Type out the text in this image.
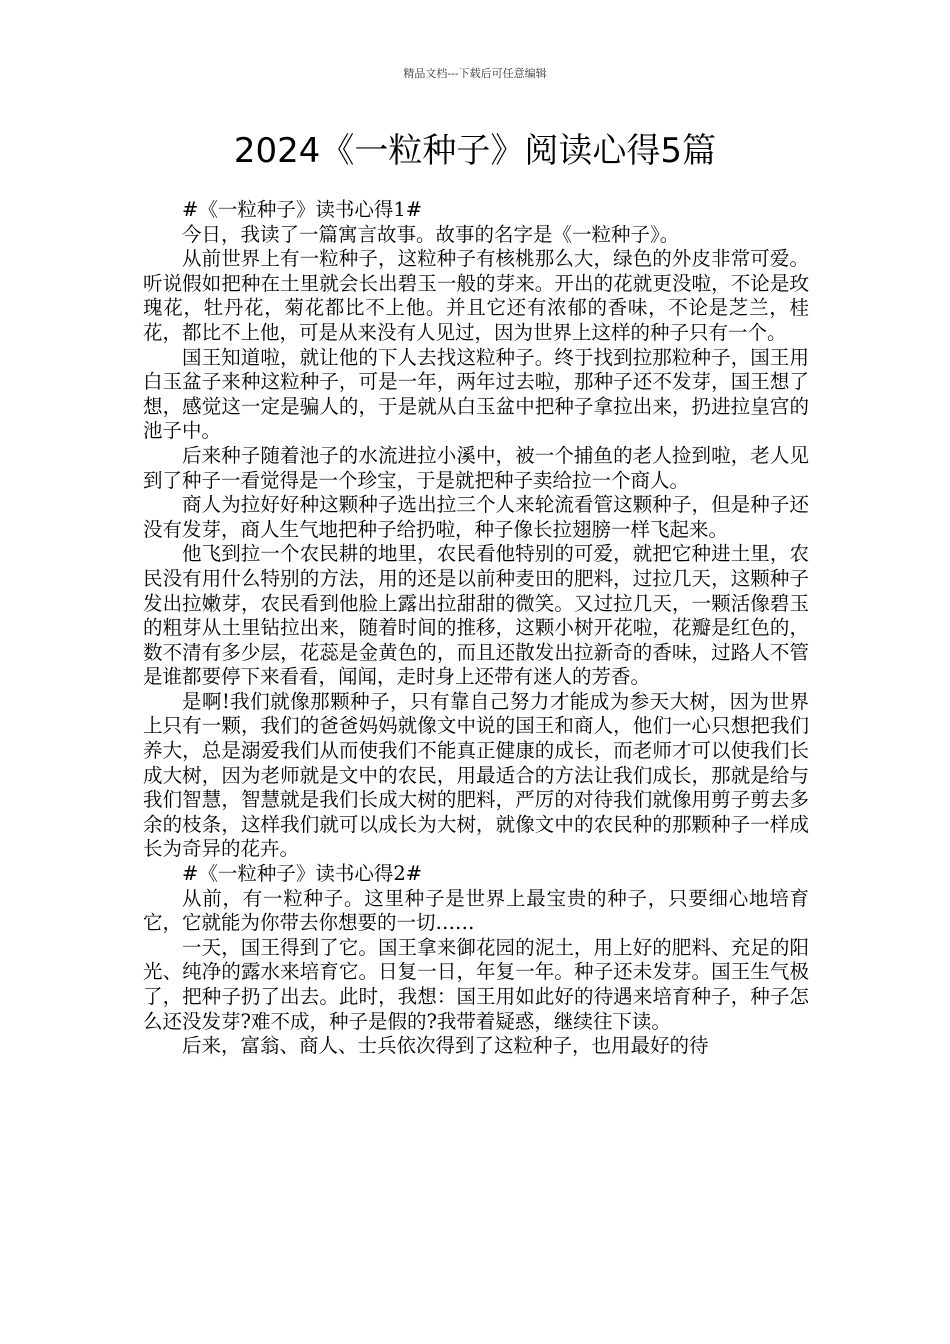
精品文档---下载后可任意编辑
2024《一粒种子》阅读心得5篇

#《一粒种子》读书心得1#

今日，我读了一篇寓言故事。故事的名字是《一粒种子》。

从前世界上有一粒种子，这粒种子有核桃那么大，绿色的外皮非常可爱。听说假如把种在土里就会长出碧玉一般的芽来。开出的花就更没啦，不论是玫瑰花，牡丹花，菊花都比不上他。并且它还有浓郁的香味，不论是芝兰，桂花，都比不上他，可是从来没有人见过，因为世界上这样的种子只有一个。

国王知道啦，就让他的下人去找这粒种子。终于找到拉那粒种子，国王用白玉盆子来种这粒种子，可是一年，两年过去啦，那种子还不发芽，国王想了想，感觉这一定是骗人的，于是就从白玉盆中把种子拿拉出来，扔进拉皇宫的池子中。

后来种子随着池子的水流进拉小溪中，被一个捕鱼的老人捡到啦，老人见到了种子一看觉得是一个珍宝，于是就把种子卖给拉一个商人。

商人为拉好好种这颗种子选出拉三个人来轮流看管这颗种子，但是种子还没有发芽，商人生气地把种子给扔啦，种子像长拉翅膀一样飞起来。

他飞到拉一个农民耕的地里，农民看他特别的可爱，就把它种进土里，农民没有用什么特别的方法，用的还是以前种麦田的肥料，过拉几天，这颗种子发出拉嫩芽，农民看到他脸上露出拉甜甜的微笑。又过拉几天，一颗活像碧玉的粗芽从土里钻拉出来，随着时间的推移，这颗小树开花啦，花瓣是红色的，数不清有多少层，花蕊是金黄色的，而且还散发出拉新奇的香味，过路人不管是谁都要停下来看看，闻闻，走时身上还带有迷人的芳香。

是啊!我们就像那颗种子，只有靠自己努力才能成为参天大树，因为世界上只有一颗，我们的爸爸妈妈就像文中说的国王和商人，他们一心只想把我们养大，总是溺爱我们从而使我们不能真正健康的成长，而老师才可以使我们长成大树，因为老师就是文中的农民，用最适合的方法让我们成长，那就是给与我们智慧，智慧就是我们长成大树的肥料，严厉的对待我们就像用剪子剪去多余的枝条，这样我们就可以成长为大树，就像文中的农民种的那颗种子一样成长为奇异的花卉。

#《一粒种子》读书心得2#

从前，有一粒种子。这里种子是世界上最宝贵的种子，只要细心地培育它，它就能为你带去你想要的一切……

一天，国王得到了它。国王拿来御花园的泥土，用上好的肥料、充足的阳光、纯净的露水来培育它。日复一日，年复一年。种子还未发芽。国王生气极了，把种子扔了出去。此时，我想：国王用如此好的待遇来培育种子，种子怎么还没发芽?难不成，种子是假的?我带着疑惑，继续往下读。

后来，富翁、商人、士兵依次得到了这粒种子，也用最好的待
